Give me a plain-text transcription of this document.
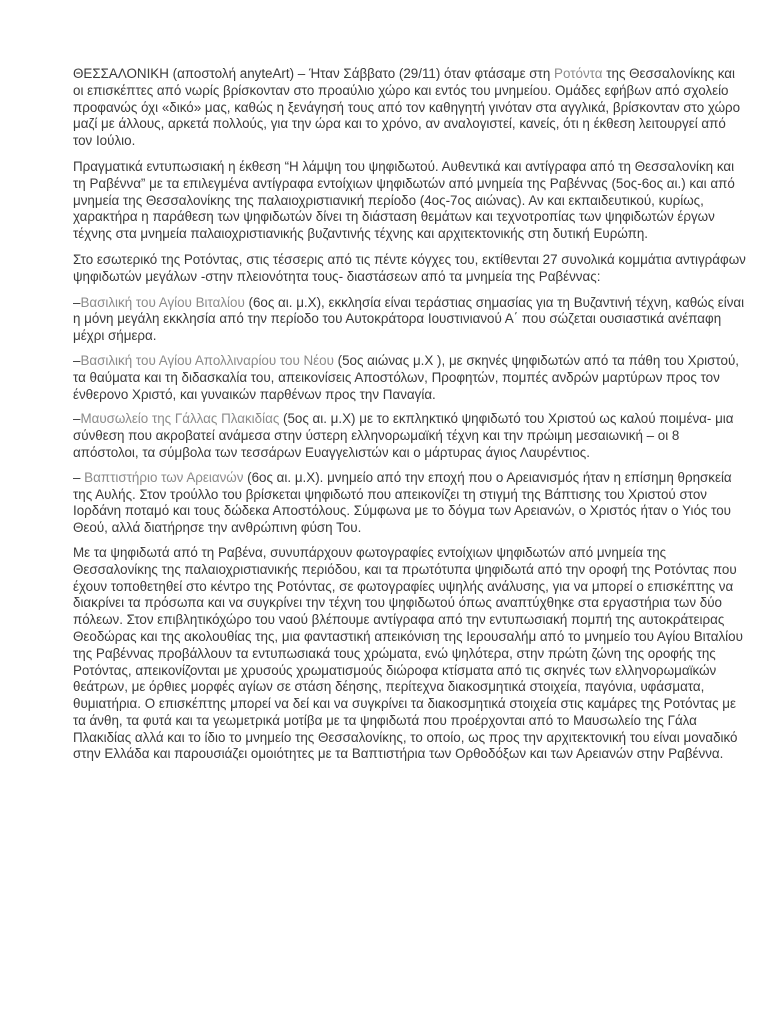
ΘΕΣΣΑΛΟΝΙΚΗ (αποστολή anyteArt) – Ήταν Σάββατο (29/11) όταν φτάσαμε στη Ροτόντα της Θεσσαλονίκης και οι επισκέπτες από νωρίς βρίσκονταν στο προαύλιο χώρο και εντός του μνημείου. Ομάδες εφήβων από σχολείο προφανώς όχι «δικό» μας, καθώς η ξενάγησή τους από τον καθηγητή γινόταν στα αγγλικά, βρίσκονταν στο χώρο μαζί με άλλους, αρκετά πολλούς, για την ώρα και το χρόνο, αν αναλογιστεί, κανείς, ότι η έκθεση λειτουργεί από τον Ιούλιο.

Πραγματικά εντυπωσιακή η έκθεση “Η λάμψη του ψηφιδωτού. Αυθεντικά και αντίγραφα από τη Θεσσαλονίκη και τη Ραβέννα” με τα επιλεγμένα αντίγραφα εντοίχιων ψηφιδωτών από μνημεία της Ραβέννας (5ος-6ος αι.) και από μνημεία της Θεσσαλονίκης της παλαιοχριστιανική περίοδο (4ος-7ος αιώνας). Αν και εκπαιδευτικού, κυρίως, χαρακτήρα η παράθεση των ψηφιδωτών δίνει τη διάσταση θεμάτων και τεχνοτροπίας των ψηφιδωτών έργων τέχνης στα μνημεία παλαιοχριστιανικής βυζαντινής τέχνης και αρχιτεκτονικής στη δυτική Ευρώπη.

Στο εσωτερικό της Ροτόντας, στις τέσσερις από τις πέντε κόγχες του, εκτίθενται 27 συνολικά κομμάτια αντιγράφων ψηφιδωτών μεγάλων -στην πλειονότητα τους- διαστάσεων από τα μνημεία της Ραβέννας:

–Βασιλική του Αγίου Βιταλίου (6ος αι. μ.Χ), εκκλησία είναι τεράστιας σημασίας για τη Βυζαντινή τέχνη, καθώς είναι η μόνη μεγάλη εκκλησία από την περίοδο του Αυτοκράτορα Ιουστινιανού Α΄ που σώζεται ουσιαστικά ανέπαφη μέχρι σήμερα.

–Βασιλική του Αγίου Απολλιναρίου του Νέου (5ος αιώνας μ.Χ ), με σκηνές ψηφιδωτών από τα πάθη του Χριστού, τα θαύματα και τη διδασκαλία του, απεικονίσεις Αποστόλων, Προφητών, πομπές ανδρών μαρτύρων προς τον ένθερονο Χριστό, και γυναικών παρθένων προς την Παναγία.

–Μαυσωλείο της Γάλλας Πλακιδίας (5ος αι. μ.Χ) με το εκπληκτικό ψηφιδωτό του Χριστού ως καλού ποιμένα- μια σύνθεση που ακροβατεί ανάμεσα στην ύστερη ελληνορωμαϊκή τέχνη και την πρώιμη μεσαιωνική – οι 8 απόστολοι, τα σύμβολα των τεσσάρων Ευαγγελιστών και ο μάρτυρας άγιος Λαυρέντιος.

– Βαπτιστήριο των Αρειανών (6ος αι. μ.Χ). μνημείο από την εποχή που ο Αρειανισμός ήταν η επίσημη θρησκεία της Αυλής. Στον τρούλλο του βρίσκεται ψηφιδωτό που απεικονίζει τη στιγμή της Βάπτισης του Χριστού στον Ιορδάνη ποταμό και τους δώδεκα Αποστόλους. Σύμφωνα με το δόγμα των Αρειανών, ο Χριστός ήταν ο Υιός του Θεού, αλλά διατήρησε την ανθρώπινη φύση Του.

Με τα ψηφιδωτά από τη Ραβένα, συνυπάρχουν φωτογραφίες εντοίχιων ψηφιδωτών από μνημεία της Θεσσαλονίκης της παλαιοχριστιανικής περιόδου, και τα πρωτότυπα ψηφιδωτά από την οροφή της Ροτόντας που έχουν τοποθετηθεί στο κέντρο της Ροτόντας, σε φωτογραφίες υψηλής ανάλυσης, για να μπορεί ο επισκέπτης να διακρίνει τα πρόσωπα και να συγκρίνει την τέχνη του ψηφιδωτού όπως αναπτύχθηκε στα εργαστήρια των δύο πόλεων. Στον επιβλητικόχώρο του ναού βλέπουμε αντίγραφα από την εντυπωσιακή πομπή της αυτοκράτειρας Θεοδώρας και της ακολουθίας της, μια φανταστική απεικόνιση της Ιερουσαλήμ από το μνημείο του Αγίου Βιταλίου της Ραβέννας προβάλλουν τα εντυπωσιακά τους χρώματα, ενώ ψηλότερα, στην πρώτη ζώνη της οροφής της Ροτόντας, απεικονίζονται με χρυσούς χρωματισμούς διώροφα κτίσματα από τις σκηνές των ελληνορωμαϊκών θεάτρων, με όρθιες μορφές αγίων σε στάση δέησης, περίτεχνα διακοσμητικά στοιχεία, παγόνια, υφάσματα, θυμιατήρια. Ο επισκέπτης μπορεί να δεί και να συγκρίνει τα διακοσμητικά στοιχεία στις καμάρες της Ροτόντας με τα άνθη, τα φυτά και τα γεωμετρικά μοτίβα με τα ψηφιδωτά που προέρχονται από το Μαυσωλείο της Γάλα Πλακιδίας αλλά και το ίδιο το μνημείο της Θεσσαλονίκης, το οποίο, ως προς την αρχιτεκτονική του είναι μοναδικό στην Ελλάδα και παρουσιάζει ομοιότητες με τα Βαπτιστήρια των Ορθοδόξων και των Αρειανών στην Ραβέννα.
